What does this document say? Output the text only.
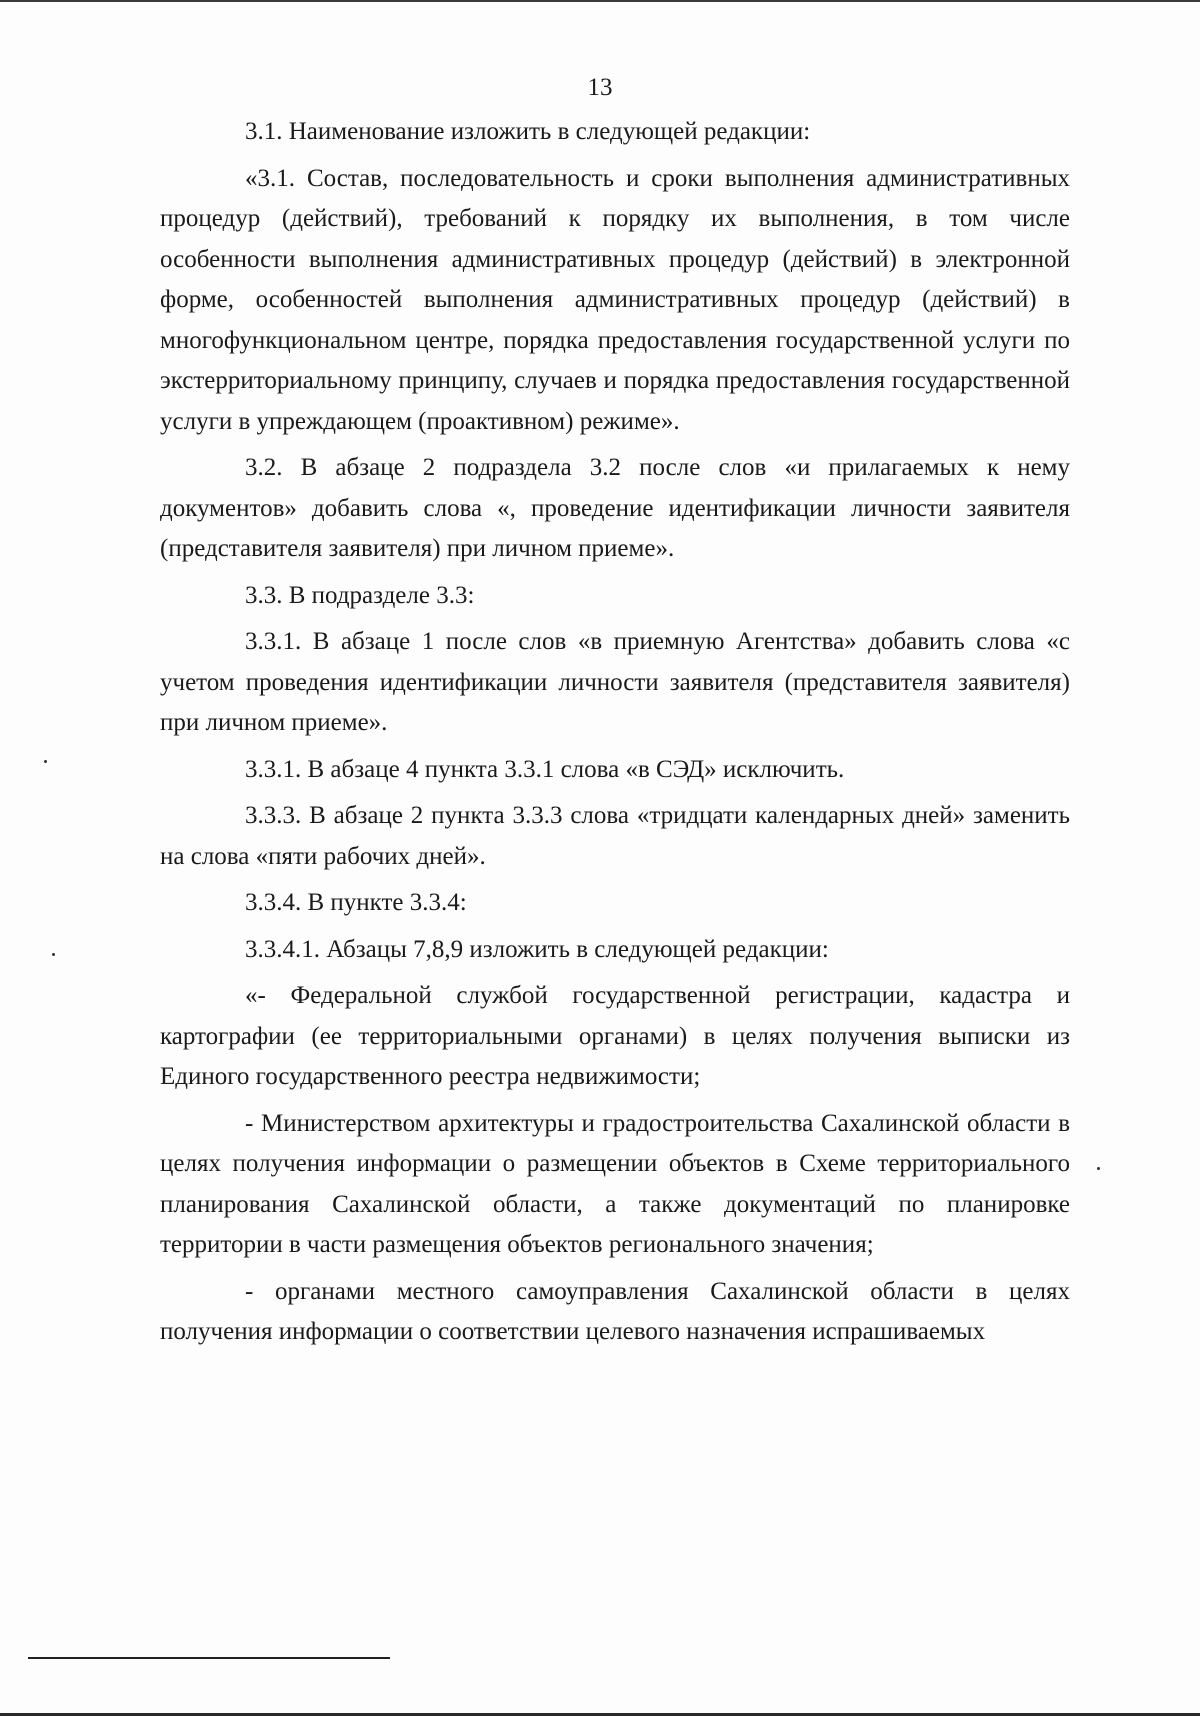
13

3.1. Наименование изложить в следующей редакции:

«3.1. Состав, последовательность и сроки выполнения административных процедур (действий), требований к порядку их выполнения, в том числе особенности выполнения административных процедур (действий) в электронной форме, особенностей выполнения административных процедур (действий) в многофункциональном центре, порядка предоставления государственной услуги по экстерриториальному принципу, случаев и порядка предоставления государственной услуги в упреждающем (проактивном) режиме».

3.2. В абзаце 2 подраздела 3.2 после слов «и прилагаемых к нему документов» добавить слова «, проведение идентификации личности заявителя (представителя заявителя) при личном приеме».

3.3. В подразделе 3.3:

3.3.1. В абзаце 1 после слов «в приемную Агентства» добавить слова «с учетом проведения идентификации личности заявителя (представителя заявителя) при личном приеме».

3.3.1. В абзаце 4 пункта 3.3.1 слова «в СЭД» исключить.

3.3.3. В абзаце 2 пункта 3.3.3 слова «тридцати календарных дней» заменить на слова «пяти рабочих дней».

3.3.4. В пункте 3.3.4:

3.3.4.1. Абзацы 7,8,9 изложить в следующей редакции:

«- Федеральной службой государственной регистрации, кадастра и картографии (ее территориальными органами) в целях получения выписки из Единого государственного реестра недвижимости;

- Министерством архитектуры и градостроительства Сахалинской области в целях получения информации о размещении объектов в Схеме территориального планирования Сахалинской области, а также документаций по планировке территории в части размещения объектов регионального значения;

- органами местного самоуправления Сахалинской области в целях получения информации о соответствии целевого назначения испрашиваемых
